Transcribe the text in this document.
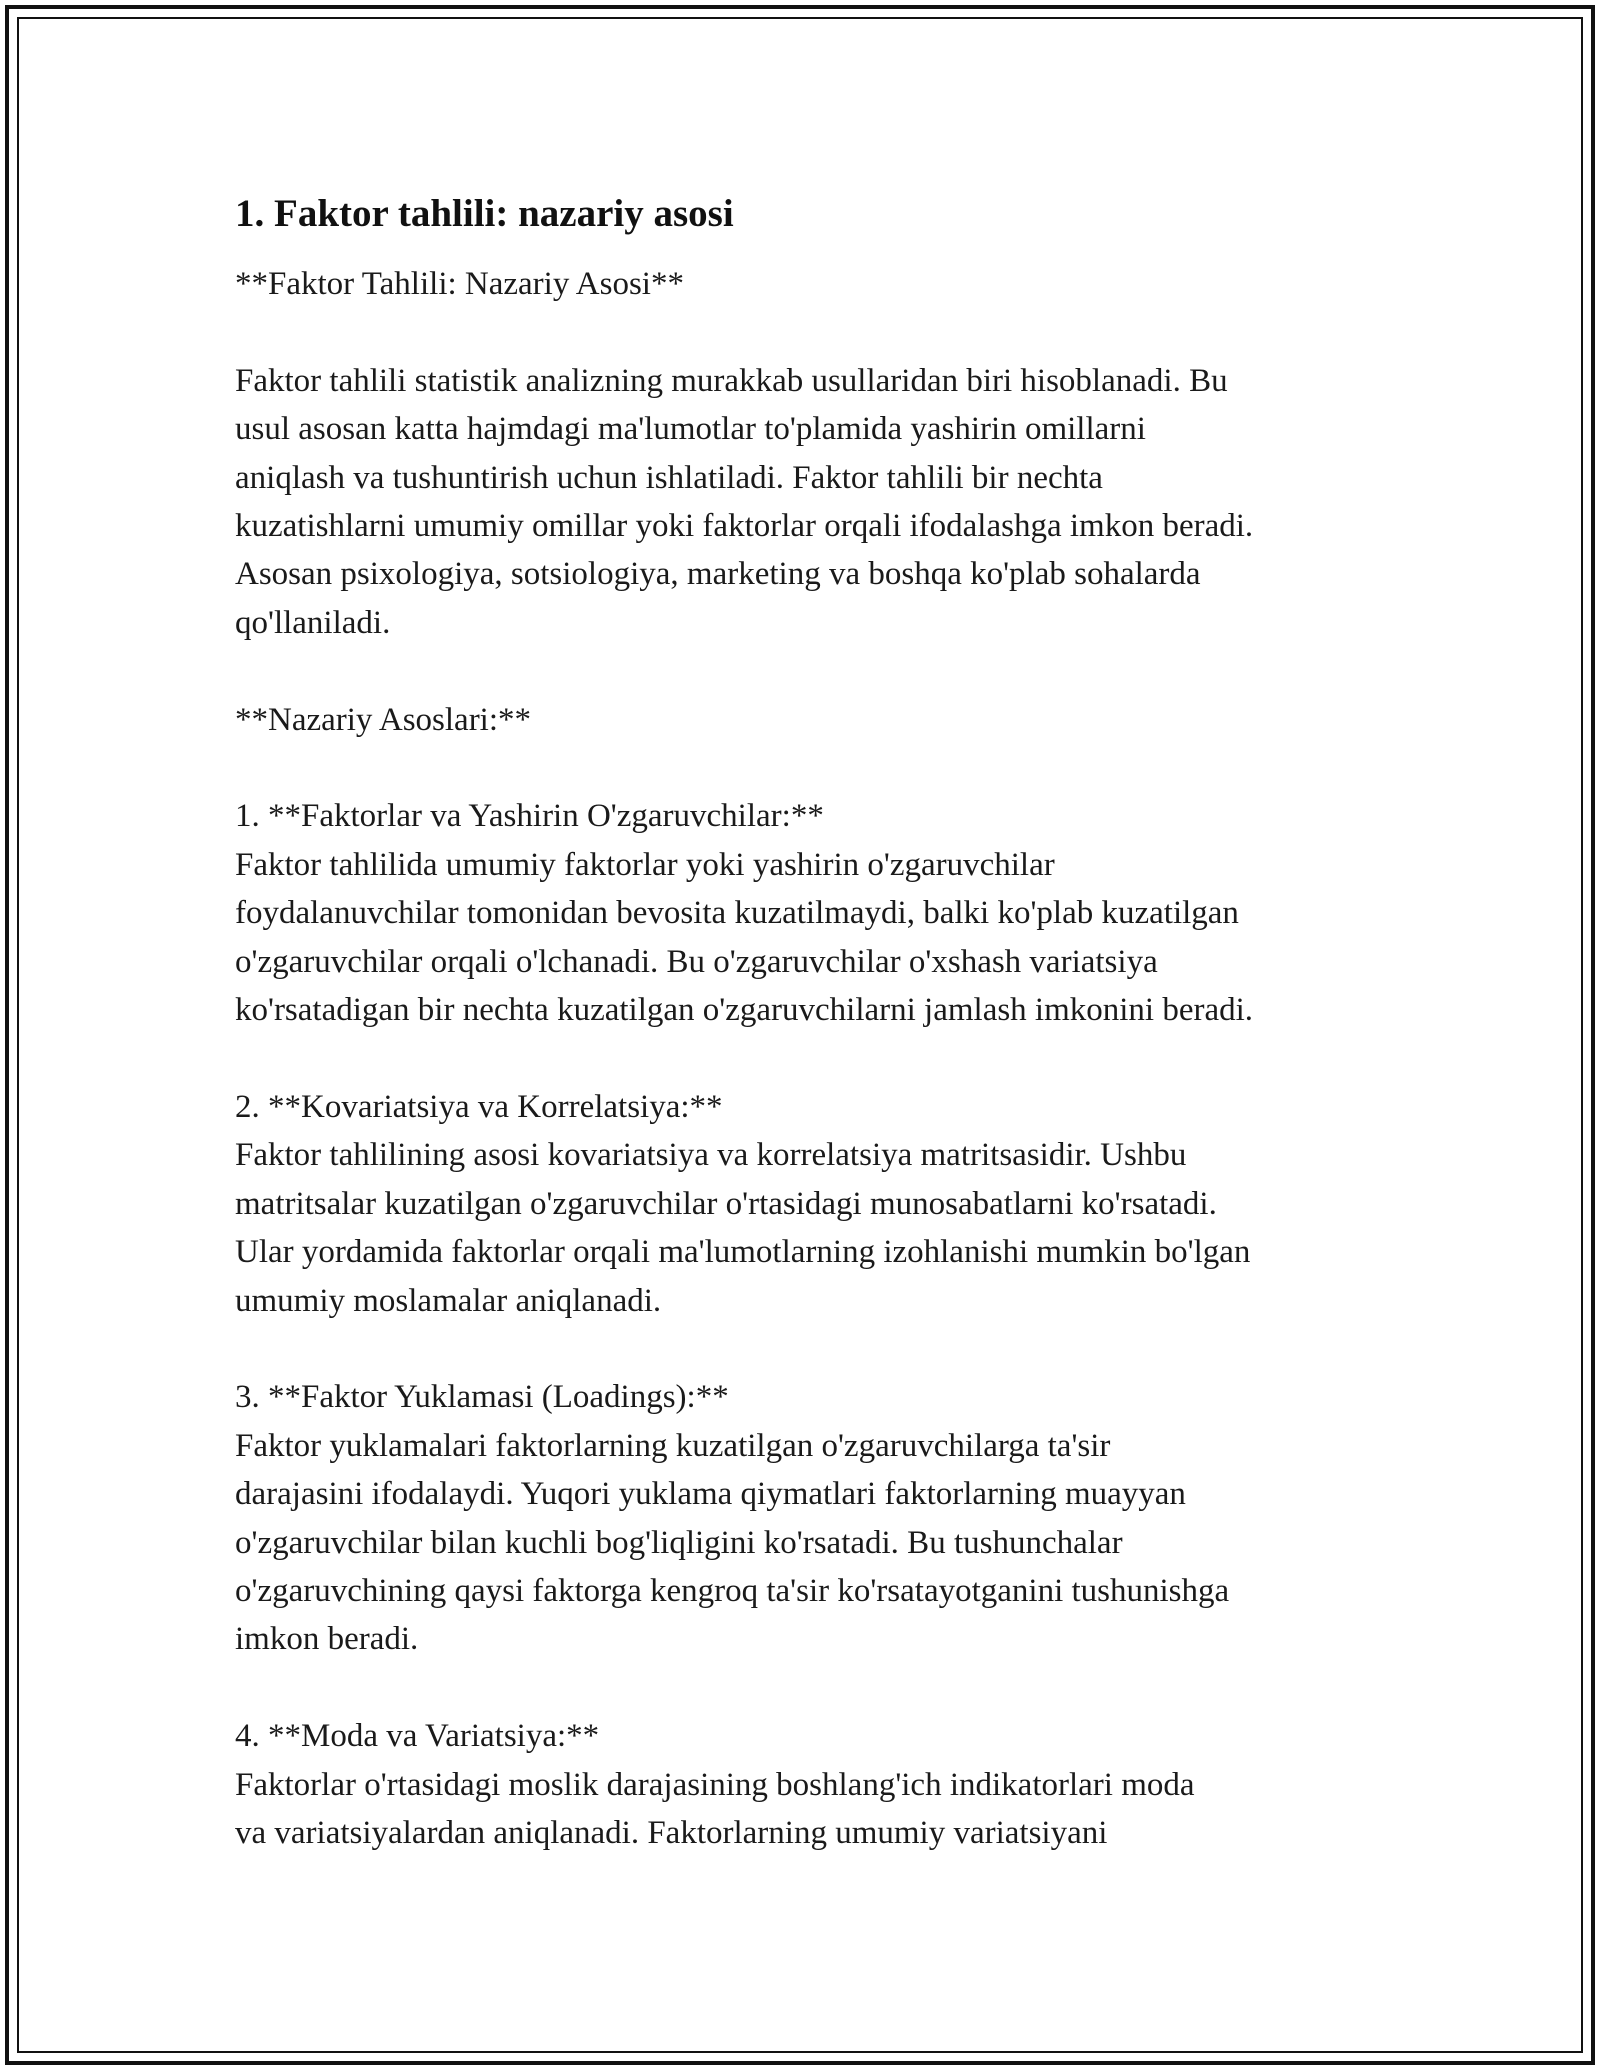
1. Faktor tahlili: nazariy asosi
**Faktor Tahlili: Nazariy Asosi**

Faktor tahlili statistik analizning murakkab usullaridan biri hisoblanadi. Bu
usul asosan katta hajmdagi ma'lumotlar to'plamida yashirin omillarni
aniqlash va tushuntirish uchun ishlatiladi. Faktor tahlili bir nechta
kuzatishlarni umumiy omillar yoki faktorlar orqali ifodalashga imkon beradi.
Asosan psixologiya, sotsiologiya, marketing va boshqa ko'plab sohalarda
qo'llaniladi.

**Nazariy Asoslari:**

1. **Faktorlar va Yashirin O'zgaruvchilar:**
Faktor tahlilida umumiy faktorlar yoki yashirin o'zgaruvchilar
foydalanuvchilar tomonidan bevosita kuzatilmaydi, balki ko'plab kuzatilgan
o'zgaruvchilar orqali o'lchanadi. Bu o'zgaruvchilar o'xshash variatsiya
ko'rsatadigan bir nechta kuzatilgan o'zgaruvchilarni jamlash imkonini beradi.

2. **Kovariatsiya va Korrelatsiya:**
Faktor tahlilining asosi kovariatsiya va korrelatsiya matritsasidir. Ushbu
matritsalar kuzatilgan o'zgaruvchilar o'rtasidagi munosabatlarni ko'rsatadi.
Ular yordamida faktorlar orqali ma'lumotlarning izohlanishi mumkin bo'lgan
umumiy moslamalar aniqlanadi.

3. **Faktor Yuklamasi (Loadings):**
Faktor yuklamalari faktorlarning kuzatilgan o'zgaruvchilarga ta'sir
darajasini ifodalaydi. Yuqori yuklama qiymatlari faktorlarning muayyan
o'zgaruvchilar bilan kuchli bog'liqligini ko'rsatadi. Bu tushunchalar
o'zgaruvchining qaysi faktorga kengroq ta'sir ko'rsatayotganini tushunishga
imkon beradi.

4. **Moda va Variatsiya:**
Faktorlar o'rtasidagi moslik darajasining boshlang'ich indikatorlari moda
va variatsiyalardan aniqlanadi. Faktorlarning umumiy variatsiyani
